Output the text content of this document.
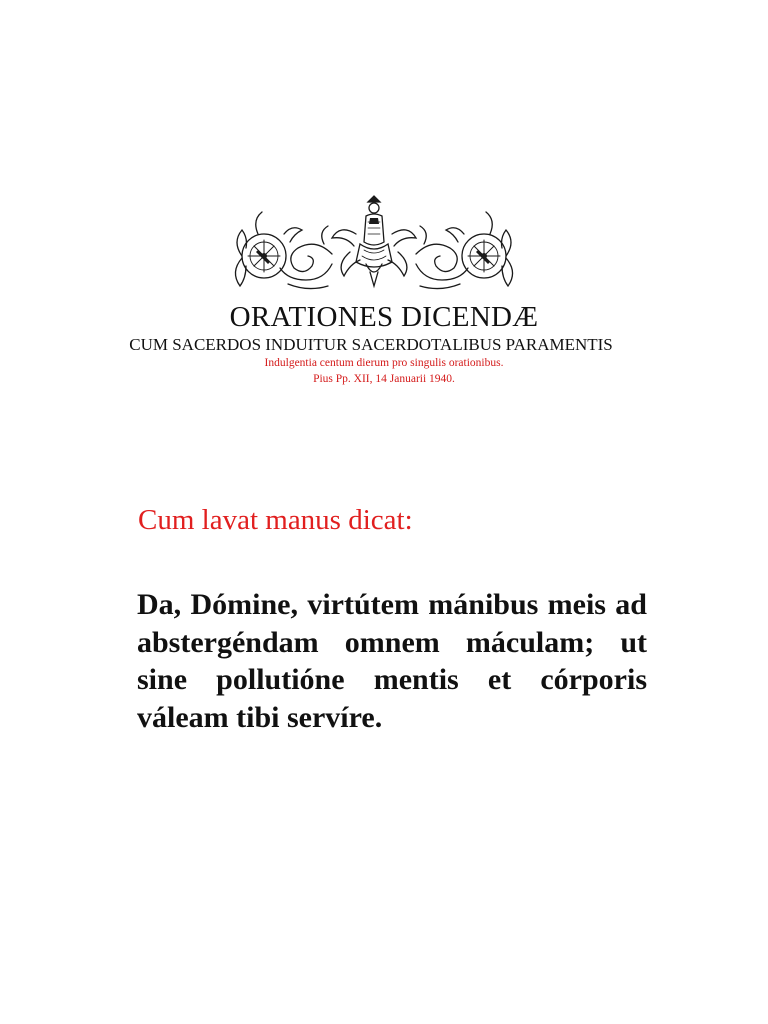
ORATIONES DICENDÆ

CUM SACERDOS INDUITUR SACERDOTALIBUS PARAMENTIS

Indulgentia centum dierum pro singulis orationibus.

Pius Pp. XII, 14 Januarii 1940.

Cum lavat manus dicat:

Da, Dómine, virtútem mánibus meis ad abstergéndam omnem máculam; ut sine pollutióne mentis et córporis váleam tibi servíre.
